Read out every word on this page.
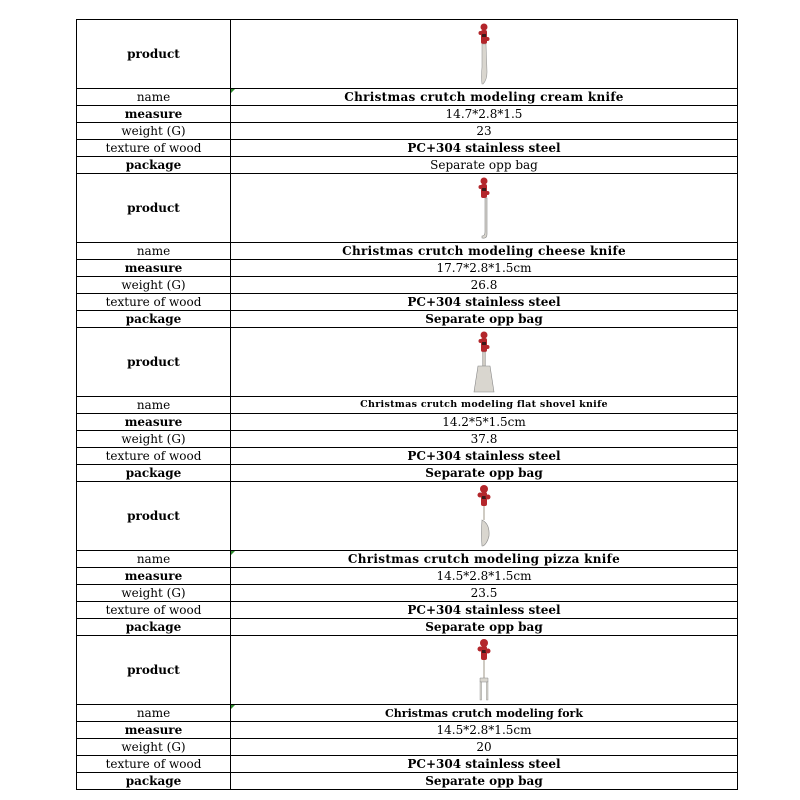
product	

name	Christmas crutch modeling cream knife
measure	14.7*2.8*1.5
weight (G)	23
texture of wood	PC+304 stainless steel
package	Separate opp bag
product	

name	Christmas crutch modeling cheese knife
measure	17.7*2.8*1.5cm
weight (G)	26.8
texture of wood	PC+304 stainless steel
package	Separate opp bag
product	

name	Christmas crutch modeling flat shovel knife
measure	14.2*5*1.5cm
weight (G)	37.8
texture of wood	PC+304 stainless steel
package	Separate opp bag
product	

name	Christmas crutch modeling pizza knife
measure	14.5*2.8*1.5cm
weight (G)	23.5
texture of wood	PC+304 stainless steel
package	Separate opp bag
product	

name	Christmas crutch modeling fork
measure	14.5*2.8*1.5cm
weight (G)	20
texture of wood	PC+304 stainless steel
package	Separate opp bag
